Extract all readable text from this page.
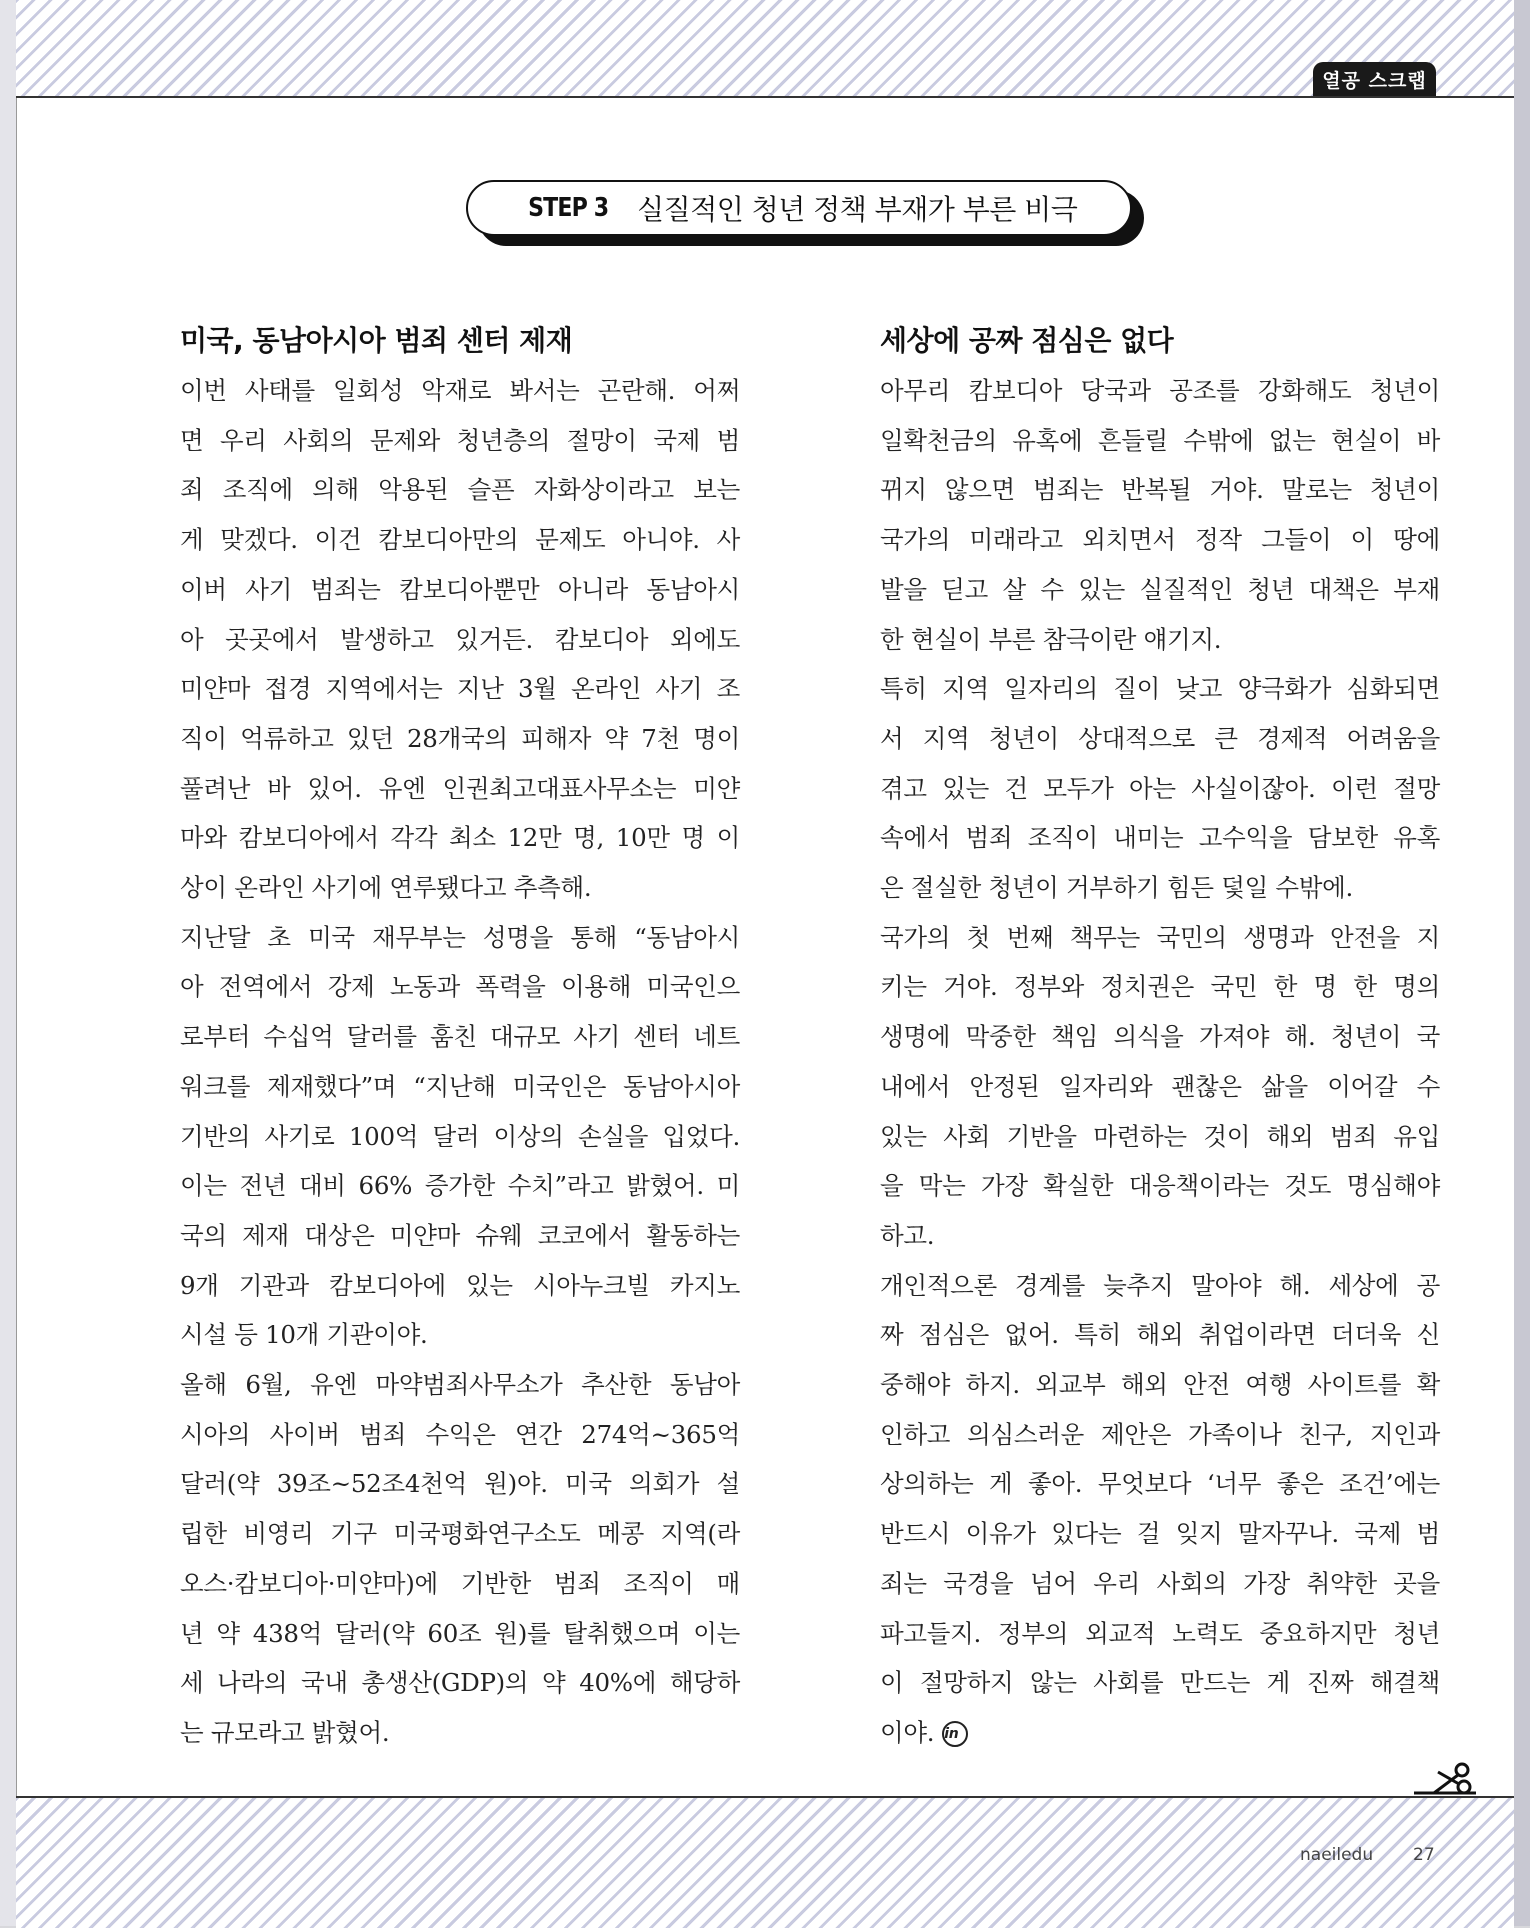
열공 스크랩
STEP 3 실질적인 청년 정책 부재가 부른 비극
미국, 동남아시아 범죄 센터 제재

이번 사태를 일회성 악재로 봐서는 곤란해. 어쩌
면 우리 사회의 문제와 청년층의 절망이 국제 범
죄 조직에 의해 악용된 슬픈 자화상이라고 보는
게 맞겠다. 이건 캄보디아만의 문제도 아니야. 사
이버 사기 범죄는 캄보디아뿐만 아니라 동남아시
아 곳곳에서 발생하고 있거든. 캄보디아 외에도
미얀마 접경 지역에서는 지난 3월 온라인 사기 조
직이 억류하고 있던 28개국의 피해자 약 7천 명이
풀려난 바 있어. 유엔 인권최고대표사무소는 미얀
마와 캄보디아에서 각각 최소 12만 명, 10만 명 이
상이 온라인 사기에 연루됐다고 추측해.

지난달 초 미국 재무부는 성명을 통해 “동남아시
아 전역에서 강제 노동과 폭력을 이용해 미국인으
로부터 수십억 달러를 훔친 대규모 사기 센터 네트
워크를 제재했다”며 “지난해 미국인은 동남아시아
기반의 사기로 100억 달러 이상의 손실을 입었다.
이는 전년 대비 66% 증가한 수치”라고 밝혔어. 미
국의 제재 대상은 미얀마 슈웨 코코에서 활동하는
9개 기관과 캄보디아에 있는 시아누크빌 카지노
시설 등 10개 기관이야.

올해 6월, 유엔 마약범죄사무소가 추산한 동남아
시아의 사이버 범죄 수익은 연간 274억~365억
달러(약 39조~52조4천억 원)야. 미국 의회가 설
립한 비영리 기구 미국평화연구소도 메콩 지역(라
오스·캄보디아·미얀마)에 기반한 범죄 조직이 매
년 약 438억 달러(약 60조 원)를 탈취했으며 이는
세 나라의 국내 총생산(GDP)의 약 40%에 해당하
는 규모라고 밝혔어.

세상에 공짜 점심은 없다

아무리 캄보디아 당국과 공조를 강화해도 청년이
일확천금의 유혹에 흔들릴 수밖에 없는 현실이 바
뀌지 않으면 범죄는 반복될 거야. 말로는 청년이
국가의 미래라고 외치면서 정작 그들이 이 땅에
발을 딛고 살 수 있는 실질적인 청년 대책은 부재
한 현실이 부른 참극이란 얘기지.

특히 지역 일자리의 질이 낮고 양극화가 심화되면
서 지역 청년이 상대적으로 큰 경제적 어려움을
겪고 있는 건 모두가 아는 사실이잖아. 이런 절망
속에서 범죄 조직이 내미는 고수익을 담보한 유혹
은 절실한 청년이 거부하기 힘든 덫일 수밖에.

국가의 첫 번째 책무는 국민의 생명과 안전을 지
키는 거야. 정부와 정치권은 국민 한 명 한 명의
생명에 막중한 책임 의식을 가져야 해. 청년이 국
내에서 안정된 일자리와 괜찮은 삶을 이어갈 수
있는 사회 기반을 마련하는 것이 해외 범죄 유입
을 막는 가장 확실한 대응책이라는 것도 명심해야
하고.

개인적으론 경계를 늦추지 말아야 해. 세상에 공
짜 점심은 없어. 특히 해외 취업이라면 더더욱 신
중해야 하지. 외교부 해외 안전 여행 사이트를 확
인하고 의심스러운 제안은 가족이나 친구, 지인과
상의하는 게 좋아. 무엇보다 ‘너무 좋은 조건’에는
반드시 이유가 있다는 걸 잊지 말자꾸나. 국제 범
죄는 국경을 넘어 우리 사회의 가장 취약한 곳을
파고들지. 정부의 외교적 노력도 중요하지만 청년
이 절망하지 않는 사회를 만드는 게 진짜 해결책
이야. in

naeiledu 27
